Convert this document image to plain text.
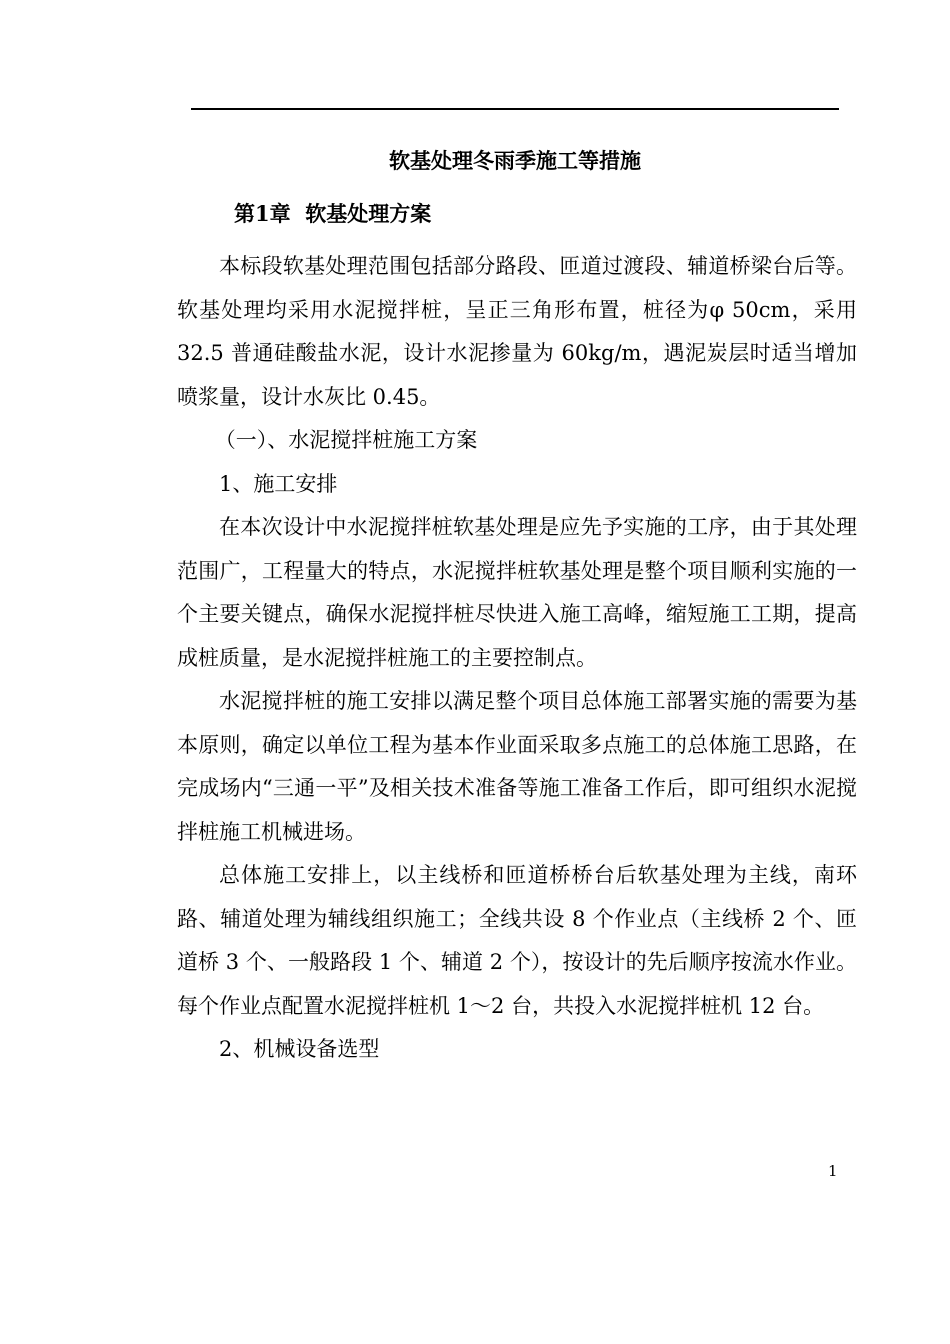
软基处理冬雨季施工等措施
第1章  软基处理方案

本标段软基处理范围包括部分路段、匝道过渡段、辅道桥梁台后等。软基处理均采用水泥搅拌桩，呈正三角形布置，桩径为φ 50cm，采用 32.5 普通硅酸盐水泥，设计水泥掺量为 60kg/m，遇泥炭层时适当增加喷浆量，设计水灰比 0.45。

（一）、水泥搅拌桩施工方案

1、施工安排

在本次设计中水泥搅拌桩软基处理是应先予实施的工序，由于其处理范围广，工程量大的特点，水泥搅拌桩软基处理是整个项目顺利实施的一个主要关键点，确保水泥搅拌桩尽快进入施工高峰，缩短施工工期，提高成桩质量，是水泥搅拌桩施工的主要控制点。

水泥搅拌桩的施工安排以满足整个项目总体施工部署实施的需要为基本原则，确定以单位工程为基本作业面采取多点施工的总体施工思路，在完成场内“三通一平”及相关技术准备等施工准备工作后，即可组织水泥搅拌桩施工机械进场。

总体施工安排上，以主线桥和匝道桥桥台后软基处理为主线，南环路、辅道处理为辅线组织施工；全线共设 8 个作业点（主线桥 2 个、匝道桥 3 个、一般路段 1 个、辅道 2 个），按设计的先后顺序按流水作业。每个作业点配置水泥搅拌桩机 1～2 台，共投入水泥搅拌桩机 12 台。

2、机械设备选型

1
